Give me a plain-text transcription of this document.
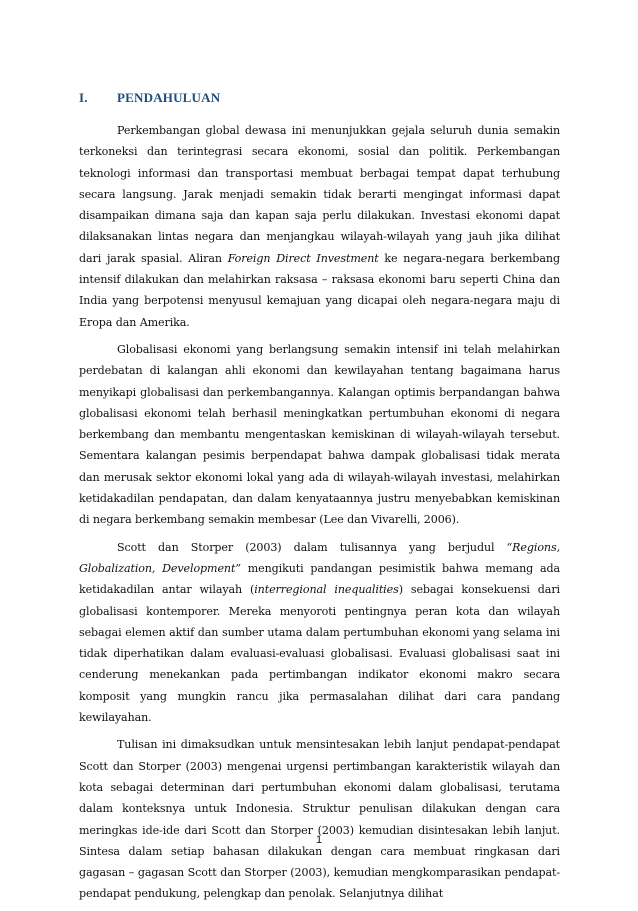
I. PENDAHULUAN

Perkembangan global dewasa ini menunjukkan gejala seluruh dunia semakin terkoneksi dan terintegrasi secara ekonomi, sosial dan politik. Perkembangan teknologi informasi dan transportasi membuat berbagai tempat dapat terhubung secara langsung. Jarak menjadi semakin tidak berarti mengingat informasi dapat disampaikan dimana saja dan kapan saja perlu dilakukan. Investasi ekonomi dapat dilaksanakan lintas negara dan menjangkau wilayah-wilayah yang jauh jika dilihat dari jarak spasial. Aliran Foreign Direct Investment ke negara-negara berkembang intensif dilakukan dan melahirkan raksasa – raksasa ekonomi baru seperti China dan India yang berpotensi menyusul kemajuan yang dicapai oleh negara-negara maju di Eropa dan Amerika.

Globalisasi ekonomi yang berlangsung semakin intensif ini telah melahirkan perdebatan di kalangan ahli ekonomi dan kewilayahan tentang bagaimana harus menyikapi globalisasi dan perkembangannya. Kalangan optimis berpandangan bahwa globalisasi ekonomi telah berhasil meningkatkan pertumbuhan ekonomi di negara berkembang dan membantu mengentaskan kemiskinan di wilayah-wilayah tersebut. Sementara kalangan pesimis berpendapat bahwa dampak globalisasi tidak merata dan merusak sektor ekonomi lokal yang ada di wilayah-wilayah investasi, melahirkan ketidakadilan pendapatan, dan dalam kenyataannya justru menyebabkan kemiskinan di negara berkembang semakin membesar (Lee dan Vivarelli, 2006).

Scott dan Storper (2003) dalam tulisannya yang berjudul “Regions, Globalization, Development” mengikuti pandangan pesimistik bahwa memang ada ketidakadilan antar wilayah (interregional inequalities) sebagai konsekuensi dari globalisasi kontemporer. Mereka menyoroti pentingnya peran kota dan wilayah sebagai elemen aktif dan sumber utama dalam pertumbuhan ekonomi yang selama ini tidak diperhatikan dalam evaluasi-evaluasi globalisasi. Evaluasi globalisasi saat ini cenderung menekankan pada pertimbangan indikator ekonomi makro secara komposit yang mungkin rancu jika permasalahan dilihat dari cara pandang kewilayahan.

Tulisan ini dimaksudkan untuk mensintesakan lebih lanjut pendapat-pendapat Scott dan Storper (2003) mengenai urgensi pertimbangan karakteristik wilayah dan kota sebagai determinan dari pertumbuhan ekonomi dalam globalisasi, terutama dalam konteksnya untuk Indonesia. Struktur penulisan dilakukan dengan cara meringkas ide-ide dari Scott dan Storper (2003) kemudian disintesakan lebih lanjut. Sintesa dalam setiap bahasan dilakukan dengan cara membuat ringkasan dari gagasan – gagasan Scott dan Storper (2003), kemudian mengkomparasikan pendapat-pendapat pendukung, pelengkap dan penolak. Selanjutnya dilihat

1
